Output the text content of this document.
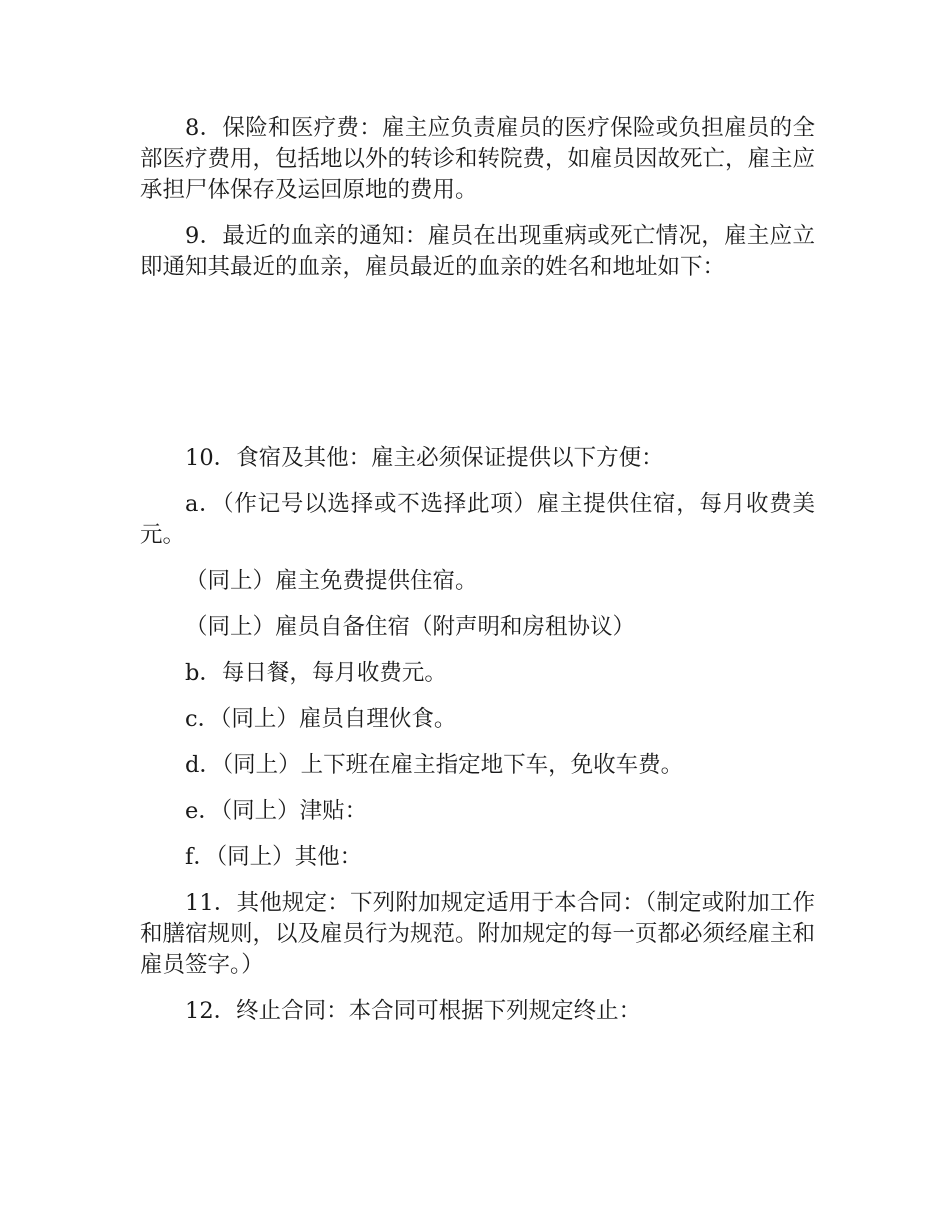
8．保险和医疗费：雇主应负责雇员的医疗保险或负担雇员的全部医疗费用，包括地以外的转诊和转院费，如雇员因故死亡，雇主应承担尸体保存及运回原地的费用。

9．最近的血亲的通知：雇员在出现重病或死亡情况，雇主应立即通知其最近的血亲，雇员最近的血亲的姓名和地址如下：

10．食宿及其他：雇主必须保证提供以下方便：

a．（作记号以选择或不选择此项）雇主提供住宿，每月收费美元。

（同上）雇主免费提供住宿。

（同上）雇员自备住宿（附声明和房租协议）

b．每日餐，每月收费元。

c．（同上）雇员自理伙食。

d．（同上）上下班在雇主指定地下车，免收车费。

e．（同上）津贴：

f．（同上）其他：

11．其他规定：下列附加规定适用于本合同：（制定或附加工作和膳宿规则，以及雇员行为规范。附加规定的每一页都必须经雇主和雇员签字。）

12．终止合同：本合同可根据下列规定终止：
